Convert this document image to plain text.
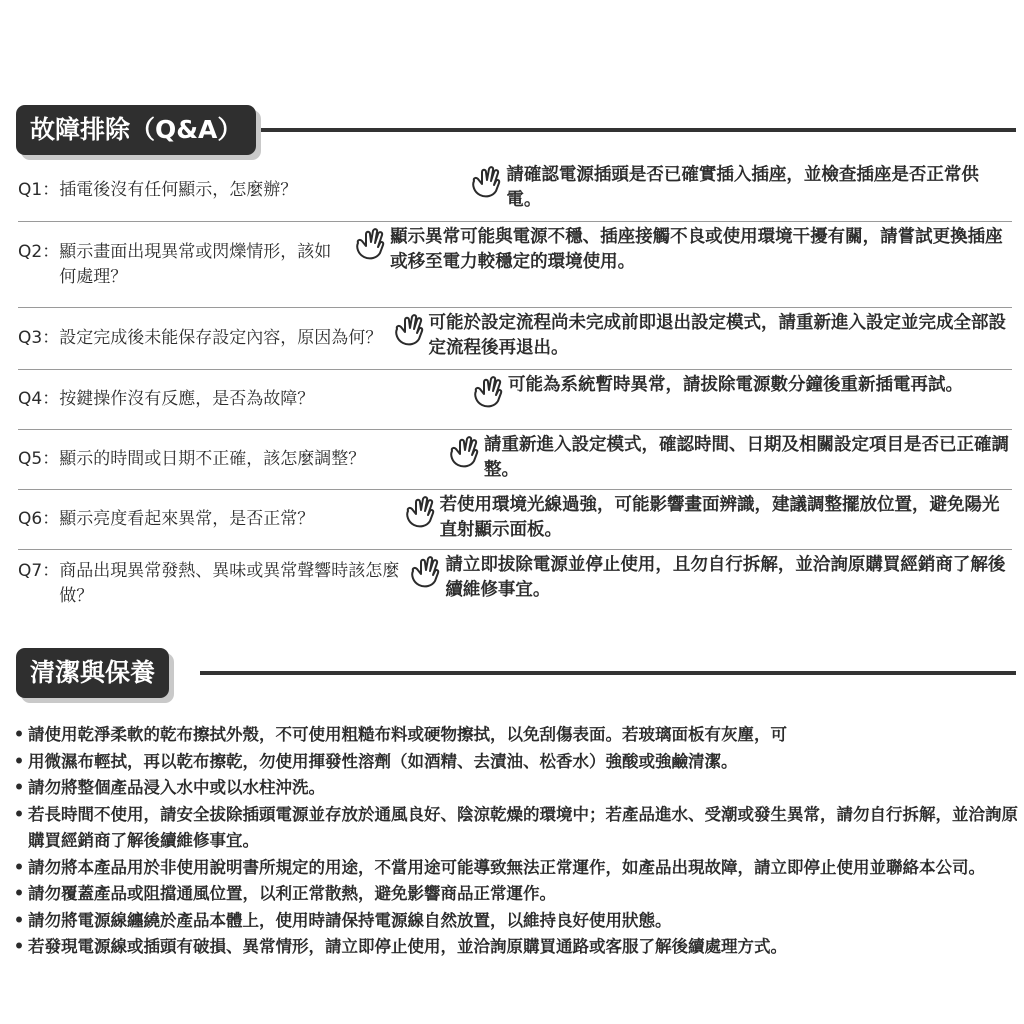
故障排除（Q&A）
Q1： 插電後沒有任何顯示，怎麼辦？
請確認電源插頭是否已確實插入插座，並檢查插座是否正常供電。
Q2： 顯示畫面出現異常或閃爍情形，該如何處理？
顯示異常可能與電源不穩、插座接觸不良或使用環境干擾有關，請嘗試更換插座或移至電力較穩定的環境使用。
Q3： 設定完成後未能保存設定內容，原因為何？
可能於設定流程尚未完成前即退出設定模式，請重新進入設定並完成全部設定流程後再退出。
Q4： 按鍵操作沒有反應，是否為故障？
可能為系統暫時異常，請拔除電源數分鐘後重新插電再試。
Q5： 顯示的時間或日期不正確，該怎麼調整？
請重新進入設定模式，確認時間、日期及相關設定項目是否已正確調整。
Q6： 顯示亮度看起來異常，是否正常？
若使用環境光線過強，可能影響畫面辨識，建議調整擺放位置，避免陽光直射顯示面板。
Q7： 商品出現異常發熱、異味或異常聲響時該怎麼做？
請立即拔除電源並停止使用，且勿自行拆解，並洽詢原購買經銷商了解後續維修事宜。
清潔與保養
• 請使用乾淨柔軟的乾布擦拭外殼，不可使用粗糙布料或硬物擦拭，以免刮傷表面。若玻璃面板有灰塵，可
• 用微濕布輕拭，再以乾布擦乾，勿使用揮發性溶劑（如酒精、去漬油、松香水）強酸或強鹼清潔。
• 請勿將整個產品浸入水中或以水柱沖洗。
• 若長時間不使用，請安全拔除插頭電源並存放於通風良好、陰涼乾燥的環境中；若產品進水、受潮或發生異常，請勿自行拆解，並洽詢原購買經銷商了解後續維修事宜。
• 請勿將本產品用於非使用說明書所規定的用途，不當用途可能導致無法正常運作，如產品出現故障，請立即停止使用並聯絡本公司。
• 請勿覆蓋產品或阻擋通風位置，以利正常散熱，避免影響商品正常運作。
• 請勿將電源線纏繞於產品本體上，使用時請保持電源線自然放置，以維持良好使用狀態。
• 若發現電源線或插頭有破損、異常情形，請立即停止使用，並洽詢原購買通路或客服了解後續處理方式。
